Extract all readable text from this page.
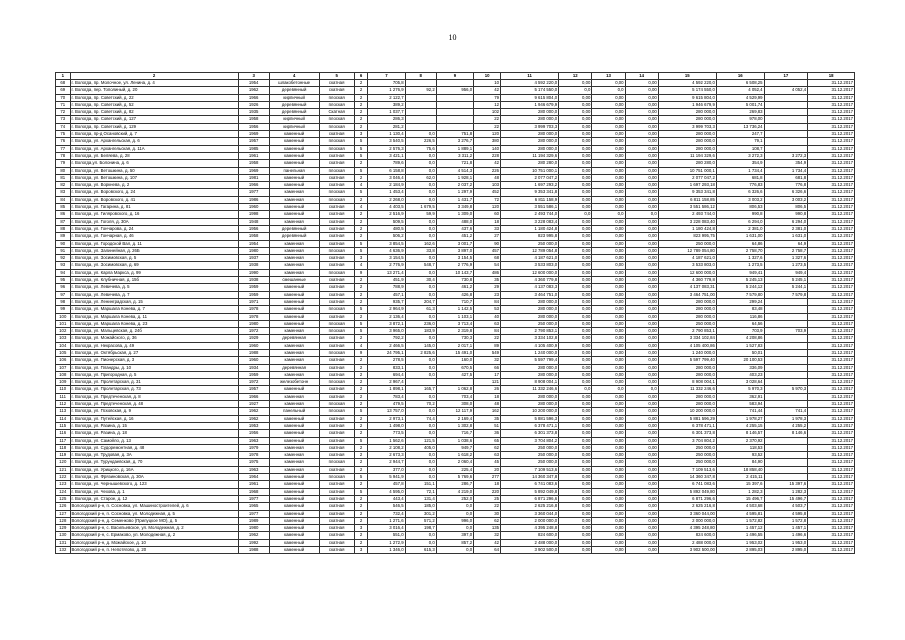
10
1	2	3	4	5	6	7	8	9	10	11	12	13	14	15	16	17	18
68	г. Вологда, пр. Молочное, ул. Ленина, д. 4	1954	шлакобетонные	скатная	2	705,8			10	4 592 220,0	0,00	0,00	0,00	4 592 220,0	6 508,25		31.12.2017
69	г. Вологда, пер. Тополиный, д. 20	1962	деревянный	скатная	2	1 276,9	92,2	956,0	42	5 174 550,0	0,0	0,0	0,00	5 174 550,0	4 052,4	4 052,4	31.12.2017
70	г. Вологда, пр. Советский, д. 22	1966	кирпичный	плоская	2	2 122,7			79	9 615 804,0	0,00	0,00	0,00	9 615 804,0	4 529,99		31.12.2017
71	г. Вологда, пр. Советский, д. 52	1926	деревянный	плоская	2	389,2			12	1 946 679,9	0,00	0,00	0,00	1 946 679,9	5 001,74		31.12.2017
72	г. Вологда, пр. Советский, д. 82	1935	деревянный	Скатная	2	1 037,7			102	280 000,0	0,00	0,00	0,00	280 000,0	269,83		31.12.2017
73	г. Вологда, пр. Советский, д. 127	1958	кирпичный	плоская	2	286,3			22	280 000,0	0,00	0,00	0,00	280 000,0	978,00		31.12.2017
74	г. Вологда, пр. Советский, д. 129	1956	кирпичный	плоская	2	281,2			22	3 999 703,3	0,00	0,00	0,00	3 999 703,3	13 736,24		31.12.2017
75	г. Вологда, пр-д Осановский, д. 7	1969	каменный	скатная	3	1 130,4	0,0	751,8	120	280 000,0	0,00	0,00	0,00	280 000,0	247,7		31.12.2017
76	г. Вологда, ул. Архангельская, д. 6	1957	каменный	плоская	5	3 540,5	226,5	3 276,7	380	280 000,0	0,00	0,00	0,00	280 000,0	79,1		31.12.2017
77	г. Вологда, ул. Архангельская, д. 11А	1985	каменный	плоская	5	2 576,3	75,6	1 889,1	140	280 000,0	0,00	0,00	0,00	280 000,0	108,7		31.12.2017
78	г. Вологда, ул. Беляева, д. 28	1961	каменный	скатная	5	3 421,1	0,0	3 311,2	228	11 194 329,6	0,00	0,00	0,00	11 194 329,6	3 272,3	3 272,3	31.12.2017
79	г. Вологда,ул. Болонина, д. 6	1958	каменный	скатная	2	789,6	0,0	721,8	42	280 280,0	0,00	0,00	0,00	280 280,0	354,9	354,9	31.12.2017
80	г. Вологда, ул. Ветошкина, д. 50	1969	панельная	плоская	5	6 158,8	0,0	4 514,3	226	10 751 000,1	0,00	0,00	0,00	10 751 000,1	1 734,4	1 734,4	31.12.2017
81	г. Вологда, ул. Ветошкина, д. 107	1981	каменный	скатная	2	3 046,4	62,0	1 928,1	48	2 077 047,2	0,00	0,00	0,00	2 077 047,2	681,8	681,8	31.12.2017
82	г. Вологда, ул. Воркнева, д. 2	1966	каменный	скатная	4	2 184,9	0,0	2 037,2	103	1 697 293,2	0,00	0,00	0,00	1 697 293,18	776,83	776,8	31.12.2017
83	г. Вологда, ул. Воровского, д. 24	1977	каменная	плоская	5	1 453,4	0,0	1 297,9	452	9 353 341,8	0,00	0,00	0,00	9 353 341,8	6 326,6	6 326,6	31.12.2017
84	г. Вологда, ул. Воровского, д. 41	1986	каменная	плоская	2	2 268,0	0,0	1 431,7	72	6 811 158,9	0,00	0,00	0,00	6 811 158,85	3 003,2	3 003,2	31.12.2017
85	г. Вологда, ул. Гагарина, д. 81	1960	каменный	скатная	4	4 403,5	1 679,5	3 349,8	120	3 551 586,1	0,00	0,00	0,00	3 551 586,12	806,53	806,5	31.12.2017
86	г. Вологда, ул. Гиляровского, д. 16	1998	каменный	скатная	2	2 516,9	59,9	1 309,0	60	2 493 744,0	0,0	0,0	0,0	2 493 744,0	990,8	990,8	31.12.2017
87	г. Вологда, ул. Гоголя, д. 30А	1948	каменная	скатная	2	509,5	0,0	488,0	18	3 228 083,4	0,00	0,00	0,00	3 228 083,40	6 294,0	6 294,0	31.12.2017
88	г. Вологда, ул. Гончарова, д. 24	1956	деревянный	скатная	2	480,5	0,0	437,6	33	1 180 424,8	0,00	0,00	0,00	1 180 424,8	2 381,0	2 381,0	31.12.2017
89	г. Вологда, ул. Гончарная, д. 46	1958	деревянный	скатная	2	506,2	0,0	451,2	27	823 995,8	0,00	0,00	0,00	823 995,75	1 631,00	1 631,0	31.12.2017
90	г. Вологда, ул. Городской Вал, д. 11	1954	каменная	скатная	5	3 854,5	162,6	3 001,7	90	250 000,0	0,00	0,00	0,00	250 000,0	64,86	64,9	31.12.2017
91	г. Вологда, ул. Залинейная, д. 26Б	1980	каменная	плоская	5	4 636,9	33,8	3 897,0	457	12 789 054,8	0,00	0,00	0,00	12 789 054,80	2 758,70	2 758,7	31.12.2017
92	г. Вологда, ул. Зосимовская, д. 5	1937	каменная	скатная	3	3 154,5	0,0	3 154,5	68	4 187 621,0	0,00	0,00	0,00	4 187 621,0	1 327,6	1 327,6	31.12.2017
93	г. Вологда, ул. Зосимовская, д. 69	1938	каменная	скатная	4	2 776,9	548,7	2 776,9	54	3 533 803,0	0,00	0,00	0,00	3 533 803,0	1 273,5	1 273,5	31.12.2017
94	г. Вологда, ул. Карла Маркса, д. 99	1990	каменная	плоская	9	13 271,4	0,0	10 143,7	486	12 600 000,0	0,00	0,00	0,00	12 600 000,0	949,41	949,4	31.12.2017
95	г. Вологда, ул. Клубничная, д. 15б	1938	смешанные	скатная	2	451,9	30,4	730,8	35	4 360 779,8	0,00	0,00	0,00	4 360 779,8	5 245,13	5 245,1	31.12.2017
96	г. Вологда, ул. Левичева, д. 5	1959	каменный	скатная	2	788,9	0,0	461,2	29	4 137 083,3	0,00	0,00	0,00	4 137 083,31	5 244,12	5 244,1	31.12.2017
97	г. Вологда, ул. Левичева, д. 7	1959	каменный	скатная	2	457,1	0,0	426,8	23	3 464 751,0	0,00	0,00	0,00	3 464 751,00	7 579,80	7 579,8	31.12.2017
98	г. Вологда, ул. Ленинградская, д. 15	1971	каменный	скатная	2	935,7	204,7	710,7	84	280 000,0	0,00	0,00	0,00	280 000,0	299,24		31.12.2017
99	г. Вологда, ул. Маршала Конева, д. 7	1978	каменный	плоская	5	2 964,9	61,3	1 142,5	53	280 000,0	0,00	0,00	0,00	280 000,0	83,48		31.12.2017
100	г. Вологда, ул. Маршала Конева, д. 11	1978	каменный	скатная	2	2 136,4	0,0	1 103,1	40	280 000,0	0,00	0,00	0,00	280 000,0	116,86		31.12.2017
101	г. Вологда, ул. Маршала Конева, д. 23	1980	каменный	плоская	5	3 872,1	236,0	3 713,4	63	250 000,0	0,00	0,00	0,00	250 000,0	64,56		31.12.2017
102	г. Вологда, ул. Мальцевская, д. 24б	1972	каменная	плоская	5	3 965,0	183,9	2 319,8	84	2 790 853,1	0,00	0,00	0,00	2 790 853,1	703,9	703,9	31.12.2017
103	г. Вологда, ул. Можайского, д. 36	1929	деревянная	скатная	2	792,2	0,0	730,3	22	3 334 102,8	0,00	0,00	0,00	3 334 102,84	4 208,86		31.12.2017
104	г. Вологда, ул. Некрасова, д. 49	1960	каменная	скатная	4	2 466,5	145,0	2 017,1	89	4 105 400,9	0,00	0,00	0,00	4 105 400,86	1 527,83		31.12.2017
105	г. Вологда, ул. Октябрьская, д. 27	1988	каменная	плоская	9	24 795,1	2 825,6	15 491,0	549	1 240 000,0	0,00	0,00	0,00	1 240 000,0	50,01		31.12.2017
106	г. Вологда, ул. Пионерская, д. 3	1960	каменная	скатная	2	278,5	0,0	160,0	32	5 597 799,4	0,00	0,00	0,00	5 597 799,40	20 100,53		31.12.2017
107	г. Вологда, ул. Пландры, д. 10	1934	деревянная	скатная	2	833,1	0,0	670,5	66	280 000,0	0,00	0,00	0,00	280 000,0	336,09		31.12.2017
108	г. Вологда, ул. Пригородная, д. 5	1959	каменная	скатная	2	694,4	0,0	427,5	17	280 000,0	0,00	0,00	0,00	280 000,0	403,23		31.12.2017
109	г. Вологда, ул. Пролетарская, д. 31	1972	железобетонн	плоская	2	2 967,4			121	8 908 004,1	0,00	0,00	0,00	8 908 004,1	3 028,64		31.12.2017
110	г. Вологда, ул. Пролетарская, д. 73	1957	каменный	скатная	2	1 898,1	165,7	1 062,8	26	11 332 246,6	0,0	0,0	0,0	11 332 246,6	5 970,3	5 970,3	31.12.2017
111	г. Вологда, ул. Предтеченская, д. 8	1966	каменная	скатная	2	783,4	0,0	703,4	18	280 000,0	0,00	0,00	0,00	280 000,0	362,91		31.12.2017
112	г. Вологда, ул. Предтеченская, д. 48	1927	каменная	плоская	2	479,5	70,2	308,0	48	280 000,0	0,00	0,00	0,00	280 000,0	583,94		31.12.2017
113	г. Вологда, ул. Псковская, д. 9	1962	панельный	плоская	5	13 757,0	0,0	12 117,9	162	10 200 000,0	0,00	0,00	0,00	10 200 000,0	741,44	741,4	31.12.2017
114	г. Вологда, ул. Путейская, д. 16	1962	каменный	скатная	2	2 973,1	74,4	2 169,4	35	5 881 596,3	0,00	0,00	0,00	5 881 596,29	1 978,27	1 978,3	31.12.2017
115	г. Вологда, ул. Разина, д. 15	1953	каменный	скатная	2	1 498,0	0,0	1 302,8	51	6 378 471,1	0,00	0,00	0,00	6 378 471,1	4 255,15	4 255,2	31.12.2017
116	г. Вологда, ул. Разина, д. 18	1956	каменный	скатная	2	773,5	0,0	716,7	36	6 301 373,8	0,00	0,00	0,00	6 301 373,8	8 146,57	8 146,6	31.12.2017
117	г. Вологда, ул. Самойло, д. 13	1963	каменный	скатная	5	1 562,6	121,5	1 038,6	65	3 704 804,2	0,00	0,00	0,00	3 704 804,2	2 370,92		31.12.2017
118	г. Вологда, ул. Судоремонтная, д. 48	1979	каменная	скатная	2	2 108,2	405,0	949,7	62	250 000,0	0,00	0,00	0,00	250 000,0	118,53		31.12.2017
119	г. Вологда, ул. Трудовая, д. 3А	1978	каменная	скатная	2	2 673,3	0,0	1 618,2	63	250 000,0	0,00	0,00	0,00	250 000,0	93,52		31.12.2017
120	г. Вологда, ул. Турундаевская, д. 70	1975	каменная	плоская	2	2 944,7	0,0	2 060,4	45	250 000,0	0,00	0,00	0,00	250 000,0	84,90		31.12.2017
121	г. Вологда, ул. Урицкого, д. 16А	1963	каменная	скатная	2	377,0	0,0	225,4	20	7 109 513,6	0,00	0,00	0,00	7 109 513,6	18 858,40		31.12.2017
122	г. Вологда, ул. Фрязиновская, д. 30А	1964	каменный	плоская	5	5 941,9	0,0	5 769,6	277	14 360 347,8	0,00	0,00	0,00	14 360 347,8	2 415,11		31.12.2017
123	г. Вологда, ул. Чернышевского, д. 123	1961	каменный	скатная	2	457,8	151,1	286,7	18	6 741 083,6	0,00	0,00	0,00	6 741 083,6	15 397,6	15 397,6	31.12.2017
124	г. Вологда, ул. Чехова, д. 1	1968	каменный	скатная	5	4 595,0	72,1	4 219,0	220	5 892 049,8	0,00	0,00	0,00	5 892 049,80	1 282,3	1 282,3	31.12.2017
125	г. Вологда, ул. Старое, д. 12	1977	каменный	скатная	2	443,4	131,4	252,0	25	6 871 296,6	0,00	0,00	0,00	6 871 296,6	15 496,7	15 496,7	31.12.2017
126	Вологодский р-н, п. Сосновка, ул. Машиностроителей, д. 6	1965	каменный	скатная	2	546,5	185,0	0,0	22	2 625 216,8	0,00	0,00	0,00	2 625 216,8	4 503,68	4 503,7	31.12.2017
127	Вологодский р-н, п. Сосновка, ул. Молодежная, д. 5	1977	каменный	скатная	2	732,4	301,2	0,0	30	3 360 044,0	0,00	0,00	0,00	3 360 044,00	4 595,81	4 595,8	31.12.2017
128	Вологодский р-н, д. Семенково (Прилуцкое МО), д. 5	1989	каменный	скатная	2	1 271,6	571,2	996,0	62	2 000 000,0	0,00	0,00	0,00	2 000 000,0	1 572,82	1 572,8	31.12.2017
129	Вологодский р-н, с. Васильевское, ул. Молодежная, д. 2	1980	каменный	скатная	3	3 016,4	198,7	0,0	135	4 395 248,8	0,00	0,00	0,00	4 395 248,80	1 457,12	1 457,1	31.12.2017
130	Вологодский р-н, с. Ермаково, ул. Молодежная, д. 2	1962	каменный	скатная	2	551,0	0,0	397,0	32	824 600,0	0,00	0,00	0,00	824 600,0	1 496,55	1 496,6	31.12.2017
131	Вологодский р-н, д. Можайское, д. 10	1992	каменный	скатная	2	1 272,9	0,0	857,2	42	2 488 000,0	0,00	0,00	0,00	2 488 000,0	1 953,02	1 953,0	31.12.2017
132	Вологодский р-н, п. Непотягово, д. 20	1988	каменный	скатная	3	1 346,0	615,3	0,0	64	3 902 500,0	0,00	0,00	0,00	3 902 500,00	2 895,03	2 895,0	31.12.2017
